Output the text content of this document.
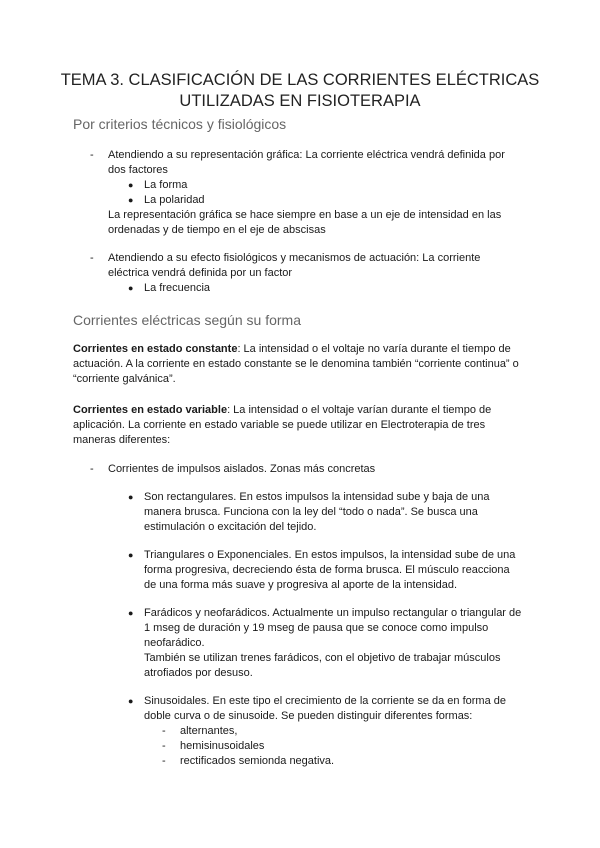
TEMA 3. CLASIFICACIÓN DE LAS CORRIENTES ELÉCTRICAS
UTILIZADAS EN FISIOTERAPIA
Por criterios técnicos y fisiológicos
- Atendiendo a su representación gráfica: La corriente eléctrica vendrá definida por
dos factores
● La forma
● La polaridad
La representación gráfica se hace siempre en base a un eje de intensidad en las
ordenadas y de tiempo en el eje de abscisas
- Atendiendo a su efecto fisiológicos y mecanismos de actuación: La corriente
eléctrica vendrá definida por un factor
● La frecuencia
Corrientes eléctricas según su forma
Corrientes en estado constante: La intensidad o el voltaje no varía durante el tiempo de
actuación. A la corriente en estado constante se le denomina también “corriente continua” o
“corriente galvánica”.
Corrientes en estado variable: La intensidad o el voltaje varían durante el tiempo de
aplicación. La corriente en estado variable se puede utilizar en Electroterapia de tres
maneras diferentes:
- Corrientes de impulsos aislados. Zonas más concretas
● Son rectangulares. En estos impulsos la intensidad sube y baja de una
manera brusca. Funciona con la ley del “todo o nada”. Se busca una
estimulación o excitación del tejido.
● Triangulares o Exponenciales. En estos impulsos, la intensidad sube de una
forma progresiva, decreciendo ésta de forma brusca. El músculo reacciona
de una forma más suave y progresiva al aporte de la intensidad.
● Farádicos y neofarádicos. Actualmente un impulso rectangular o triangular de
1 mseg de duración y 19 mseg de pausa que se conoce como impulso
neofarádico.
También se utilizan trenes farádicos, con el objetivo de trabajar músculos
atrofiados por desuso.
● Sinusoidales. En este tipo el crecimiento de la corriente se da en forma de
doble curva o de sinusoide. Se pueden distinguir diferentes formas:
- alternantes,
- hemisinusoidales
- rectificados semionda negativa.
